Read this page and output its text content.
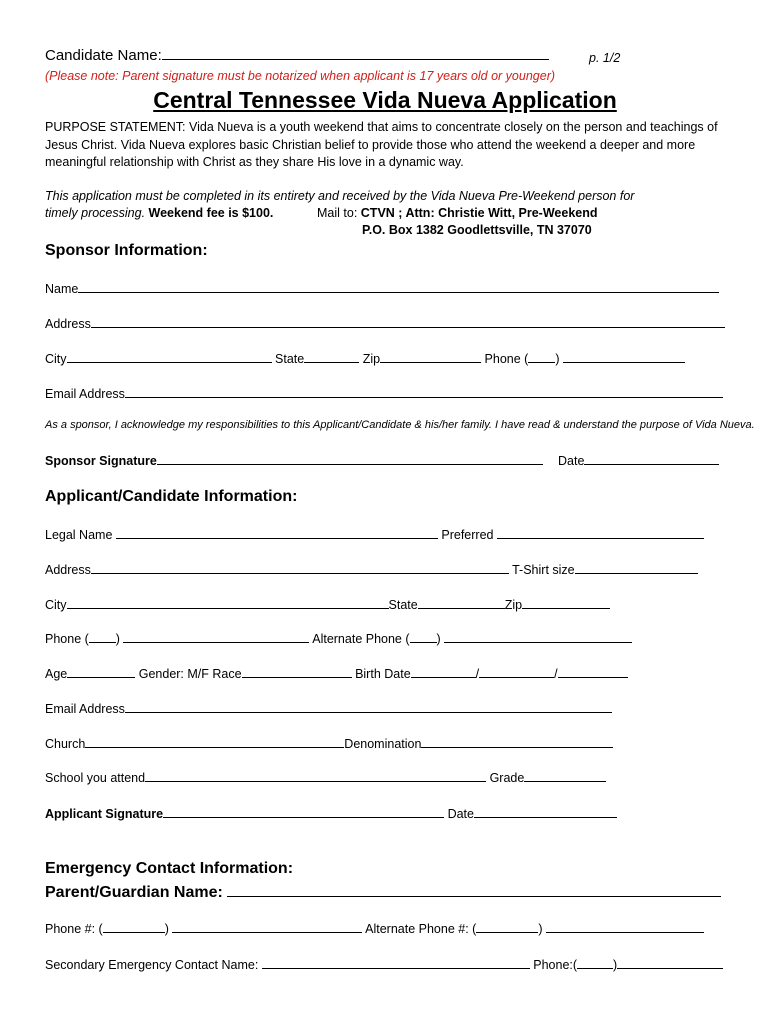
Candidate Name:	p. 1/2
(Please note: Parent signature must be notarized when applicant is 17 years old or younger)
Central Tennessee Vida Nueva Application
PURPOSE STATEMENT: Vida Nueva is a youth weekend that aims to concentrate closely on the person and teachings of Jesus Christ. Vida Nueva explores basic Christian belief to provide those who attend the weekend a deeper and more meaningful relationship with Christ as they share His love in a dynamic way.
This application must be completed in its entirety and received by the Vida Nueva Pre-Weekend person for
timely processing. Weekend fee is $100.	Mail to: CTVN ; Attn: Christie Witt, Pre-Weekend
P.O. Box 1382 Goodlettsville, TN 37070
Sponsor Information:
Name
Address
City	State	Zip	Phone ( )
Email Address
As a sponsor, I acknowledge my responsibilities to this Applicant/Candidate & his/her family. I have read & understand the purpose of Vida Nueva.
Sponsor Signature	Date
Applicant/Candidate Information:
Legal Name	Preferred
Address	T-Shirt size
City	State	Zip
Phone ( )	Alternate Phone ( )
Age	Gender: M/F Race	Birth Date	/	/
Email Address
Church	Denomination
School you attend	Grade
Applicant Signature	Date
Emergency Contact Information:
Parent/Guardian Name:
Phone #: (	)	Alternate Phone #: (	)
Secondary Emergency Contact Name:	Phone:(	)
